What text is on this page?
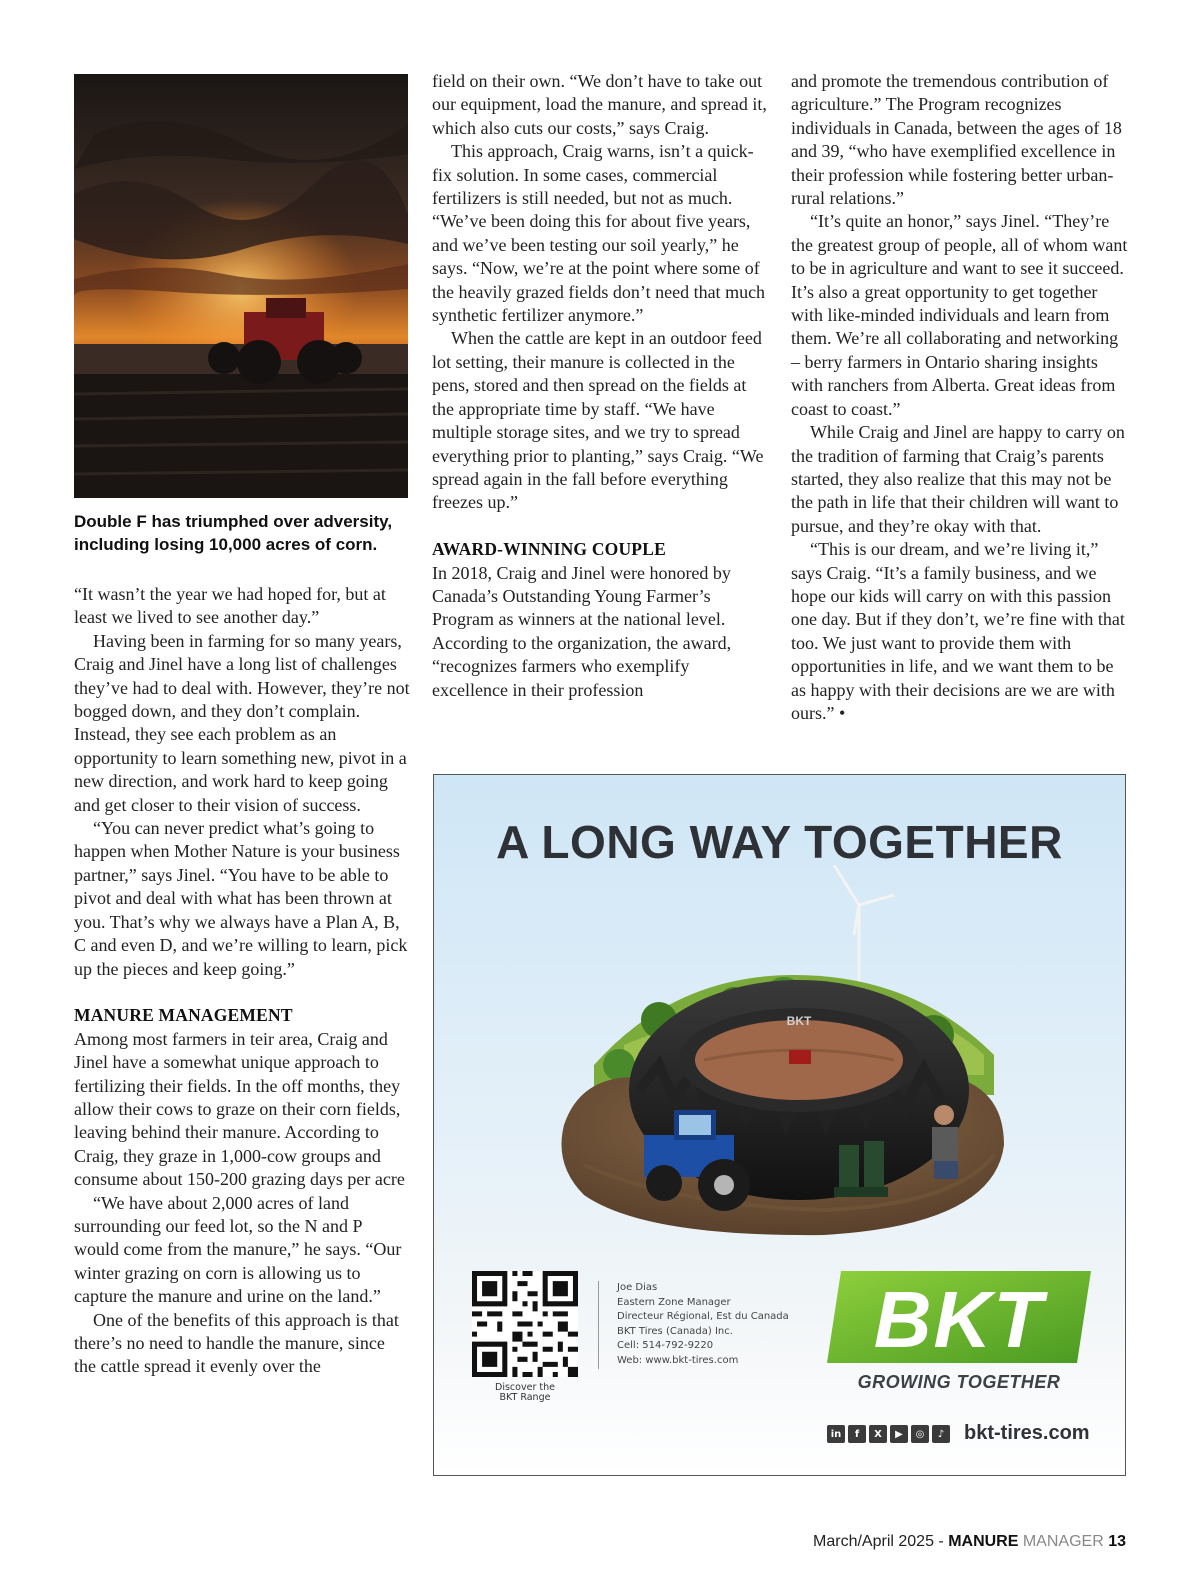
Double F has triumphed over adversity, including losing 10,000 acres of corn.

“It wasn’t the year we had hoped for, but at least we lived to see another day.”

Having been in farming for so many years, Craig and Jinel have a long list of challenges they’ve had to deal with. However, they’re not bogged down, and they don’t complain. Instead, they see each problem as an opportunity to learn something new, pivot in a new direction, and work hard to keep going and get closer to their vision of success.

“You can never predict what’s going to happen when Mother Nature is your business partner,” says Jinel. “You have to be able to pivot and deal with what has been thrown at you. That’s why we always have a Plan A, B, C and even D, and we’re willing to learn, pick up the pieces and keep going.”

MANURE MANAGEMENT

Among most farmers in teir area, Craig and Jinel have a somewhat unique approach to fertilizing their fields. In the off months, they allow their cows to graze on their corn fields, leaving behind their manure. According to Craig, they graze in 1,000-cow groups and consume about 150-200 grazing days per acre

“We have about 2,000 acres of land surrounding our feed lot, so the N and P would come from the manure,” he says. “Our winter grazing on corn is allowing us to capture the manure and urine on the land.”

One of the benefits of this approach is that there’s no need to handle the manure, since the cattle spread it evenly over the

field on their own. “We don’t have to take out our equipment, load the manure, and spread it, which also cuts our costs,” says Craig.

This approach, Craig warns, isn’t a quick-fix solution. In some cases, commercial fertilizers is still needed, but not as much. “We’ve been doing this for about five years, and we’ve been testing our soil yearly,” he says. “Now, we’re at the point where some of the heavily grazed fields don’t need that much synthetic fertilizer anymore.”

When the cattle are kept in an outdoor feed lot setting, their manure is collected in the pens, stored and then spread on the fields at the appropriate time by staff. “We have multiple storage sites, and we try to spread everything prior to planting,” says Craig. “We spread again in the fall before everything freezes up.”

AWARD-WINNING COUPLE

In 2018, Craig and Jinel were honored by Canada’s Outstanding Young Farmer’s Program as winners at the national level. According to the organization, the award, “recognizes farmers who exemplify excellence in their profession

and promote the tremendous contribution of agriculture.” The Program recognizes individuals in Canada, between the ages of 18 and 39, “who have exemplified excellence in their profession while fostering better urban-rural relations.”

“It’s quite an honor,” says Jinel. “They’re the greatest group of people, all of whom want to be in agriculture and want to see it succeed. It’s also a great opportunity to get together with like-minded individuals and learn from them. We’re all collaborating and networking – berry farmers in Ontario sharing insights with ranchers from Alberta. Great ideas from coast to coast.”

While Craig and Jinel are happy to carry on the tradition of farming that Craig’s parents started, they also realize that this may not be the path in life that their children will want to pursue, and they’re okay with that.

“This is our dream, and we’re living it,” says Craig. “It’s a family business, and we hope our kids will carry on with this passion one day. But if they don’t, we’re fine with that too. We just want to provide them with opportunities in life, and we want them to be as happy with their decisions are we are with ours.” •

A LONG WAY TOGETHER
BKT
Discover the
BKT Range
Joe Dias
Eastern Zone Manager
Directeur Régional, Est du Canada
BKT Tires (Canada) Inc.
Cell: 514-792-9220
Web: www.bkt-tires.com	BKT
GROWING TOGETHER
in	f	X	▶	◎	♪ bkt-tires.com
March/April 2025 - MANURE MANAGER 13
